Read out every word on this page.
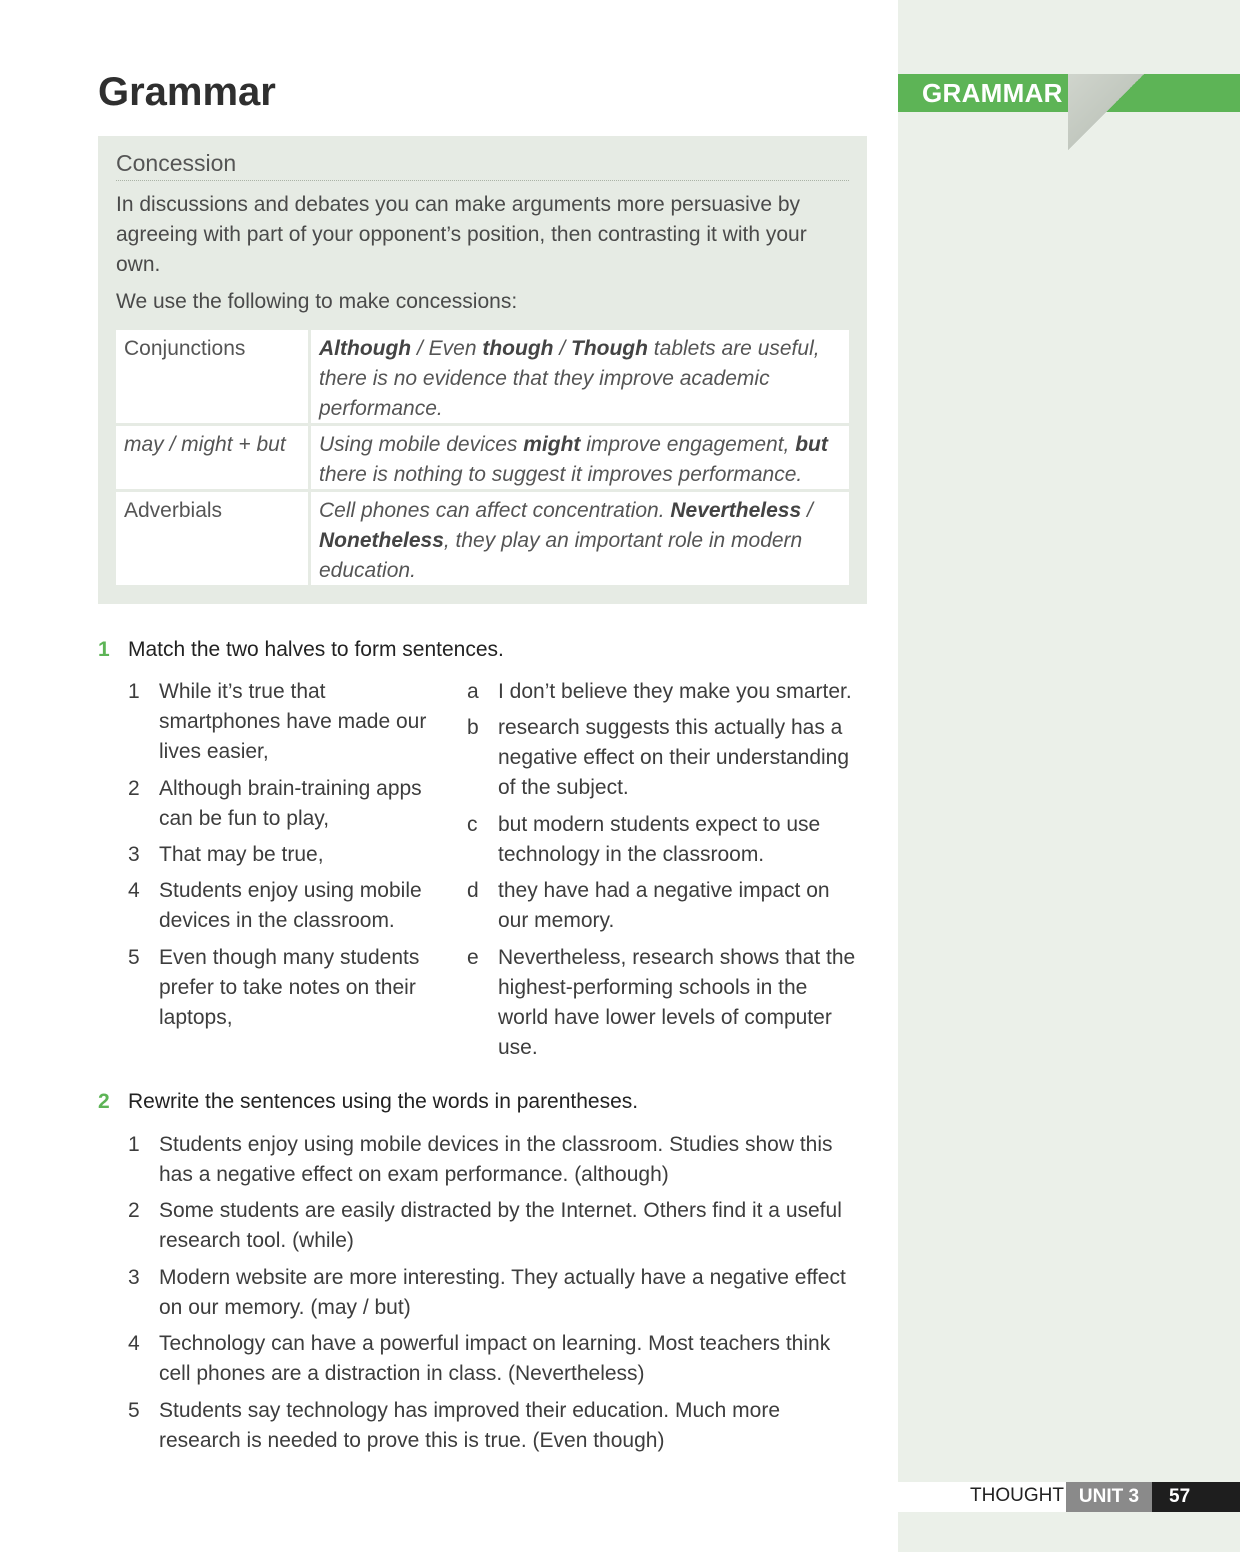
GRAMMAR
Grammar
Concession
In discussions and debates you can make arguments more persuasive by agreeing with part of your opponent’s position, then contrasting it with your own.
We use the following to make concessions:
Conjunctions	Although / Even though / Though tablets are useful, there is no evidence that they improve academic performance.
may / might + but	Using mobile devices might improve engagement, but there is nothing to suggest it improves performance.
Adverbials	Cell phones can affect concentration. Nevertheless / Nonetheless, they play an important role in modern education.
1 Match the two halves to form sentences.
1 While it’s true that smartphones have made our lives easier,
2 Although brain-training apps can be fun to play,
3 That may be true,
4 Students enjoy using mobile devices in the classroom.
5 Even though many students prefer to take notes on their laptops,
a I don’t believe they make you smarter.
b research suggests this actually has a negative effect on their understanding of the subject.
c but modern students expect to use technology in the classroom.
d they have had a negative impact on our memory.
e Nevertheless, research shows that the highest-performing schools in the world have lower levels of computer use.
2 Rewrite the sentences using the words in parentheses.
1 Students enjoy using mobile devices in the classroom. Studies show this has a negative effect on exam performance. (although)
2 Some students are easily distracted by the Internet. Others find it a useful research tool. (while)
3 Modern website are more interesting. They actually have a negative effect on our memory. (may / but)
4 Technology can have a powerful impact on learning. Most teachers think cell phones are a distraction in class. (Nevertheless)
5 Students say technology has improved their education. Much more research is needed to prove this is true. (Even though)
THOUGHT UNIT 3	57
